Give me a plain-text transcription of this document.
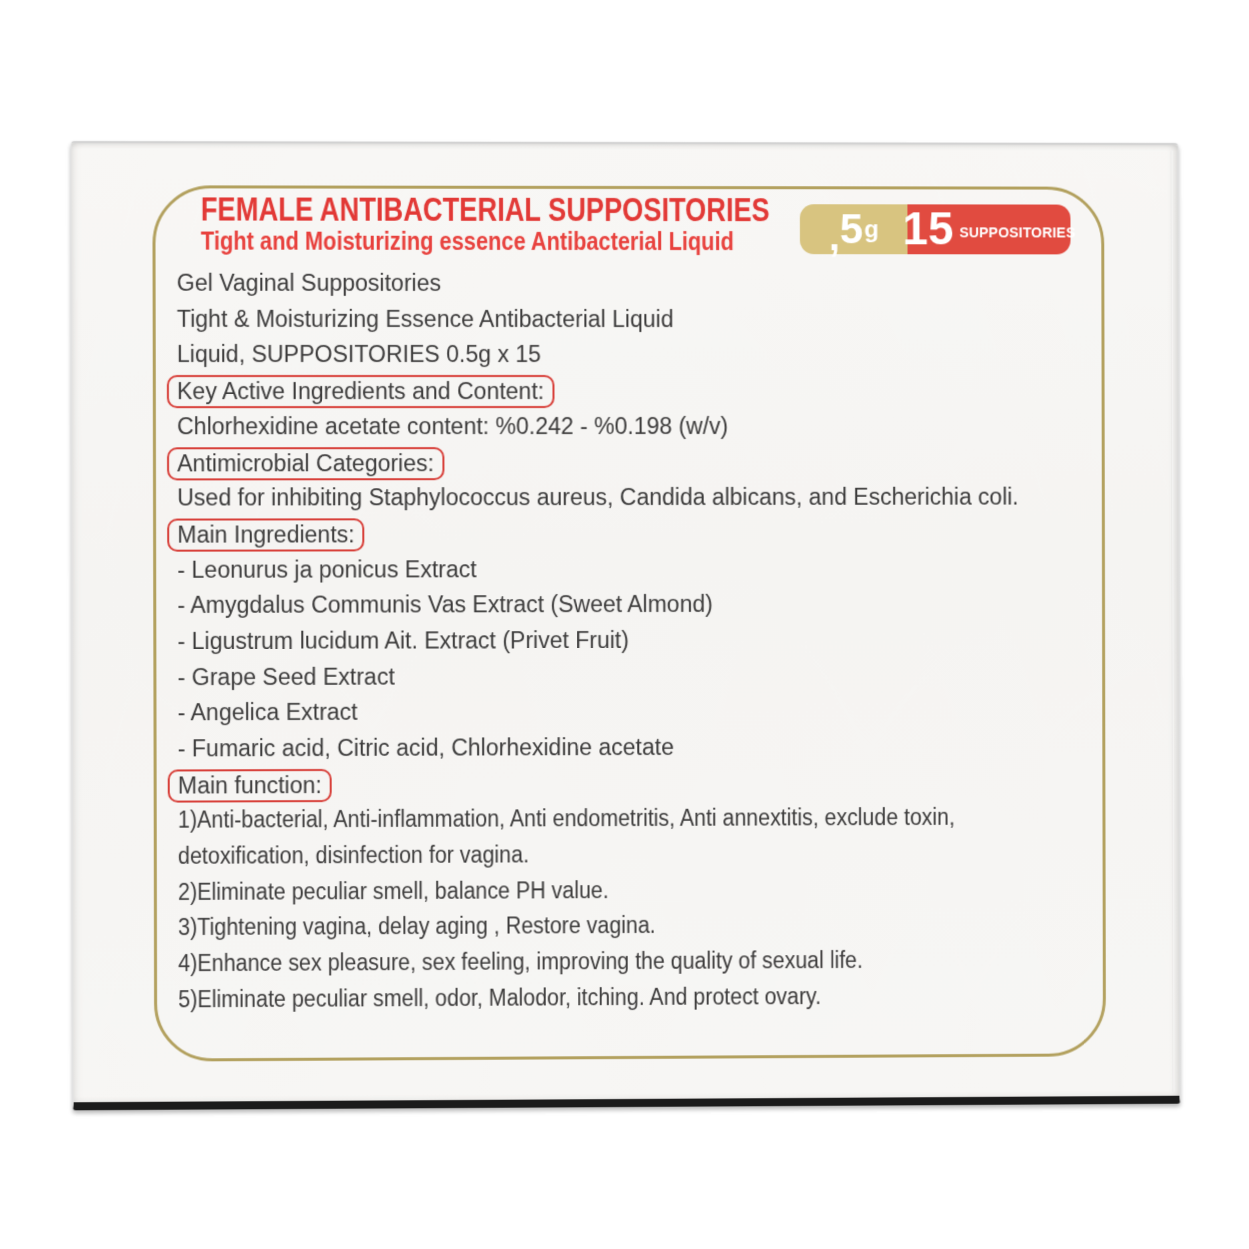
FEMALE ANTIBACTERIAL SUPPOSITORIES
Tight and Moisturizing essence Antibacterial Liquid	, 5 g 15 SUPPOSITORIES
Gel Vaginal Suppositories
Tight & Moisturizing Essence Antibacterial Liquid
Liquid, SUPPOSITORIES 0.5g x 15
Key Active Ingredients and Content:
Chlorhexidine acetate content: %0.242 - %0.198 (w/v)
Antimicrobial Categories:
Used for inhibiting Staphylococcus aureus, Candida albicans, and Escherichia coli.
Main Ingredients:
- Leonurus ja ponicus Extract
- Amygdalus Communis Vas Extract (Sweet Almond)
- Ligustrum lucidum Ait. Extract (Privet Fruit)
- Grape Seed Extract
- Angelica Extract
- Fumaric acid, Citric acid, Chlorhexidine acetate
Main function:
1)Anti-bacterial, Anti-inflammation, Anti endometritis, Anti annextitis, exclude toxin,
detoxification, disinfection for vagina.
2)Eliminate peculiar smell, balance PH value.
3)Tightening vagina, delay aging , Restore vagina.
4)Enhance sex pleasure, sex feeling, improving the quality of sexual life.
5)Eliminate peculiar smell, odor, Malodor, itching. And protect ovary.
